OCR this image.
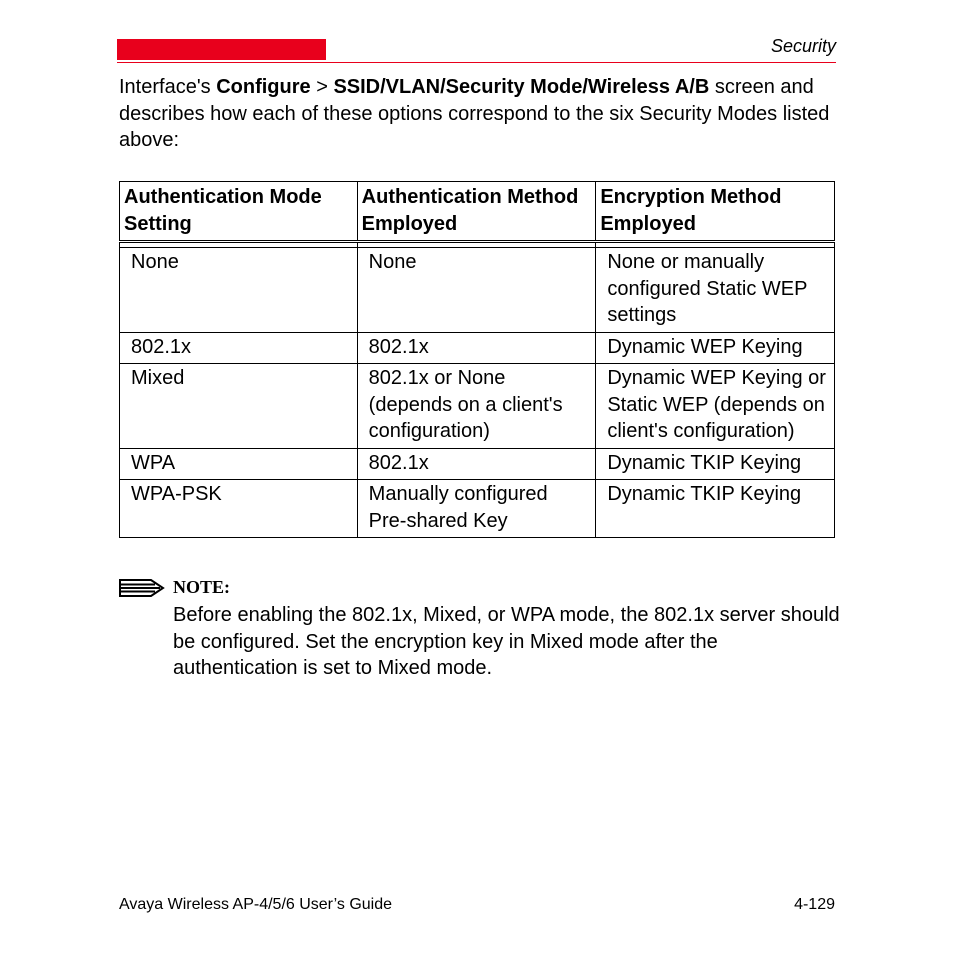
Security
Interface's Configure > SSID/VLAN/Security Mode/Wireless A/B screen and describes how each of these options correspond to the six Security Modes listed above:
Authentication Mode Setting	Authentication Method Employed	Encryption Method Employed

None	None	None or manually configured Static WEP settings
802.1x	802.1x	Dynamic WEP Keying
Mixed	802.1x or None (depends on a client's configuration)	Dynamic WEP Keying or Static WEP (depends on client's configuration)
WPA	802.1x	Dynamic TKIP Keying
WPA-PSK	Manually configured Pre-shared Key	Dynamic TKIP Keying
NOTE:
Before enabling the 802.1x, Mixed, or WPA mode, the 802.1x server should be configured. Set the encryption key in Mixed mode after the authentication is set to Mixed mode.
Avaya Wireless AP-4/5/6 User’s Guide	4-129
